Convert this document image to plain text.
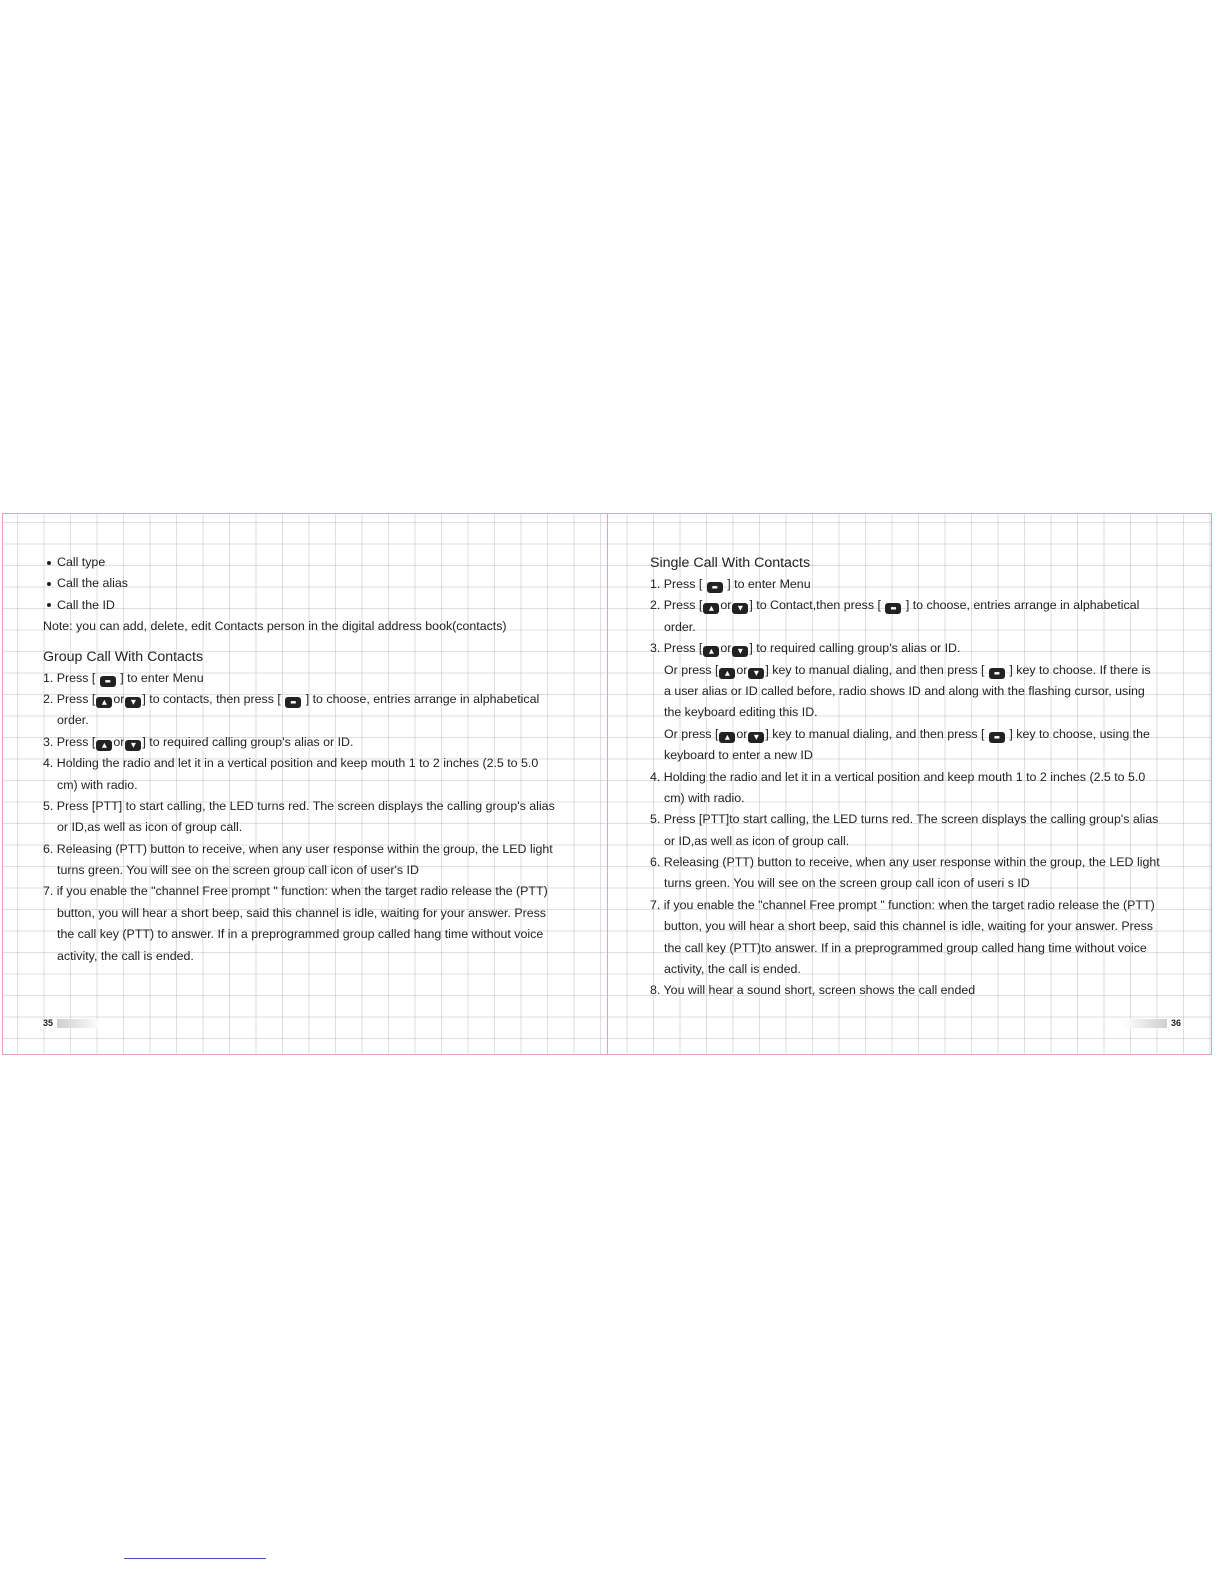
Call type
Call the alias
Call the ID
Note: you can add, delete, edit Contacts person in the digital address book(contacts)
Group Call With Contacts
1. Press [ ▬ ] to enter Menu
2. Press [ ▲ or ▼ ] to contacts, then press [ ▬ ] to choose, entries arrange in alphabetical
order.
3. Press [ ▲ or ▼ ] to required calling group's alias or ID.
4. Holding the radio and let it in a vertical position and keep mouth 1 to 2 inches (2.5 to 5.0
cm) with radio.
5. Press [PTT] to start calling, the LED turns red. The screen displays the calling group's alias
or ID,as well as icon of group call.
6. Releasing (PTT) button to receive, when any user response within the group, the LED light
turns green. You will see on the screen group call icon of user's ID
7. if you enable the "channel Free prompt " function: when the target radio release the (PTT)
button, you will hear a short beep, said this channel is idle, waiting for your answer. Press
the call key (PTT) to answer. If in a preprogrammed group called hang time without voice
activity, the call is ended.
35
Single Call With Contacts
1. Press [ ▬ ] to enter Menu
2. Press [ ▲ or ▼ ] to Contact,then press [ ▬ ] to choose, entries arrange in alphabetical
order.
3. Press [ ▲ or ▼ ] to required calling group's alias or ID.
Or press [ ▲ or ▼ ] key to manual dialing, and then press [ ▬ ] key to choose. If there is
a user alias or ID called before, radio shows ID and along with the flashing cursor, using
the keyboard editing this ID.
Or press [ ▲ or ▼ ] key to manual dialing, and then press [ ▬ ] key to choose, using the
keyboard to enter a new ID
4. Holding the radio and let it in a vertical position and keep mouth 1 to 2 inches (2.5 to 5.0
cm) with radio.
5. Press [PTT]to start calling, the LED turns red. The screen displays the calling group's alias
or ID,as well as icon of group call.
6. Releasing (PTT) button to receive, when any user response within the group, the LED light
turns green. You will see on the screen group call icon of useri s ID
7. if you enable the "channel Free prompt " function: when the target radio release the (PTT)
button, you will hear a short beep, said this channel is idle, waiting for your answer. Press
the call key (PTT)to answer. If in a preprogrammed group called hang time without voice
activity, the call is ended.
8. You will hear a sound short, screen shows the call ended
36
